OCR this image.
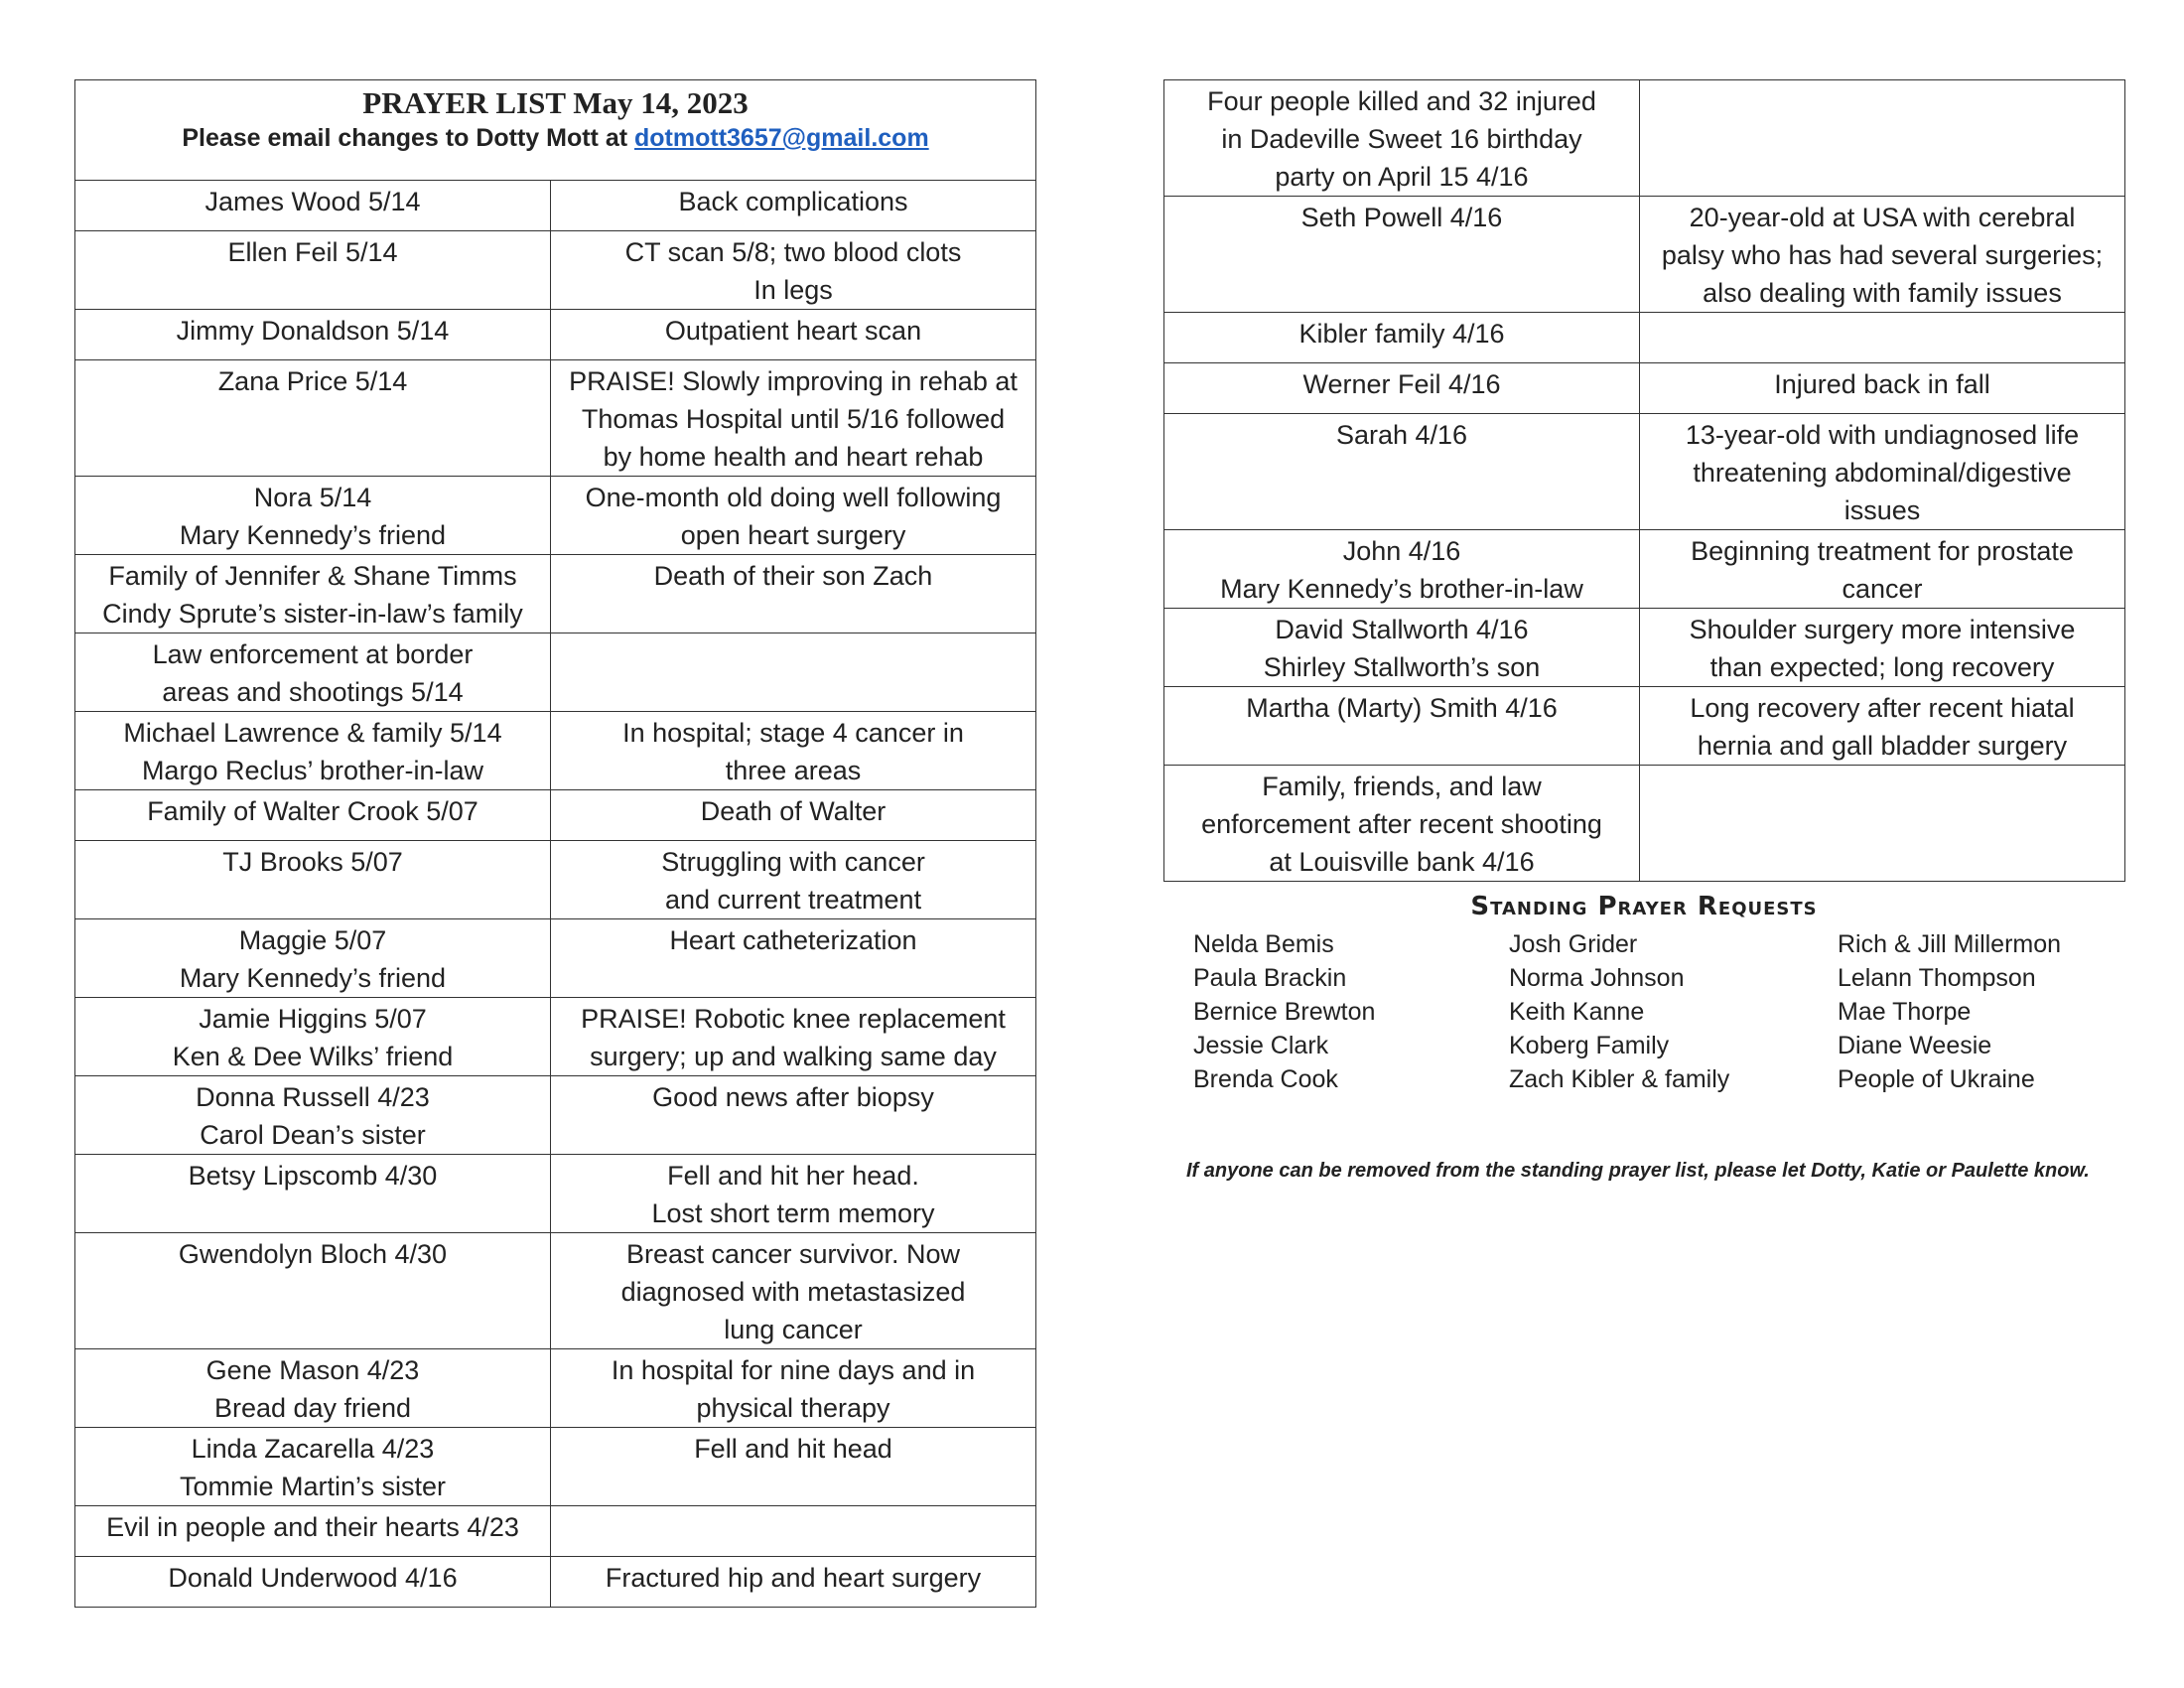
PRAYER LIST May 14, 2023
Please email changes to Dotty Mott at dotmott3657@gmail.com	

James Wood 5/14	Back complications

Ellen Feil 5/14	CT scan 5/8; two blood clots
In legs

Jimmy Donaldson 5/14	Outpatient heart scan

Zana Price 5/14	PRAISE! Slowly improving in rehab at
Thomas Hospital until 5/16 followed
by home health and heart rehab

Nora 5/14
Mary Kennedy’s friend	One-month old doing well following
open heart surgery

Family of Jennifer & Shane Timms
Cindy Sprute’s sister-in-law’s family	Death of their son Zach

Law enforcement at border
areas and shootings 5/14	

Michael Lawrence & family 5/14
Margo Reclus’ brother-in-law	In hospital; stage 4 cancer in
three areas

Family of Walter Crook 5/07	Death of Walter

TJ Brooks 5/07	Struggling with cancer
and current treatment

Maggie 5/07
Mary Kennedy’s friend	Heart catheterization

Jamie Higgins 5/07
Ken & Dee Wilks’ friend	PRAISE! Robotic knee replacement
surgery; up and walking same day

Donna Russell 4/23
Carol Dean’s sister	Good news after biopsy

Betsy Lipscomb 4/30	Fell and hit her head.
Lost short term memory

Gwendolyn Bloch 4/30	Breast cancer survivor. Now
diagnosed with metastasized
lung cancer

Gene Mason 4/23
Bread day friend	In hospital for nine days and in
physical therapy

Linda Zacarella 4/23
Tommie Martin’s sister	Fell and hit head

Evil in people and their hearts 4/23	

Donald Underwood 4/16	Fractured hip and heart surgery
Four people killed and 32 injured
in Dadeville Sweet 16 birthday
party on April 15 4/16	

Seth Powell 4/16	20-year-old at USA with cerebral
palsy who has had several surgeries;
also dealing with family issues

Kibler family 4/16	

Werner Feil 4/16	Injured back in fall

Sarah 4/16	13-year-old with undiagnosed life
threatening abdominal/digestive
issues

John 4/16
Mary Kennedy’s brother-in-law	Beginning treatment for prostate
cancer

David Stallworth 4/16
Shirley Stallworth’s son	Shoulder surgery more intensive
than expected; long recovery

Martha (Marty) Smith 4/16	Long recovery after recent hiatal
hernia and gall bladder surgery

Family, friends, and law
enforcement after recent shooting
at Louisville bank 4/16	

Standing Prayer Requests
Nelda Bemis
Paula Brackin
Bernice Brewton
Jessie Clark
Brenda Cook
Josh Grider
Norma Johnson
Keith Kanne
Koberg Family
Zach Kibler & family
Rich & Jill Millermon
Lelann Thompson
Mae Thorpe
Diane Weesie
People of Ukraine
If anyone can be removed from the standing prayer list, please let Dotty, Katie or Paulette know.
